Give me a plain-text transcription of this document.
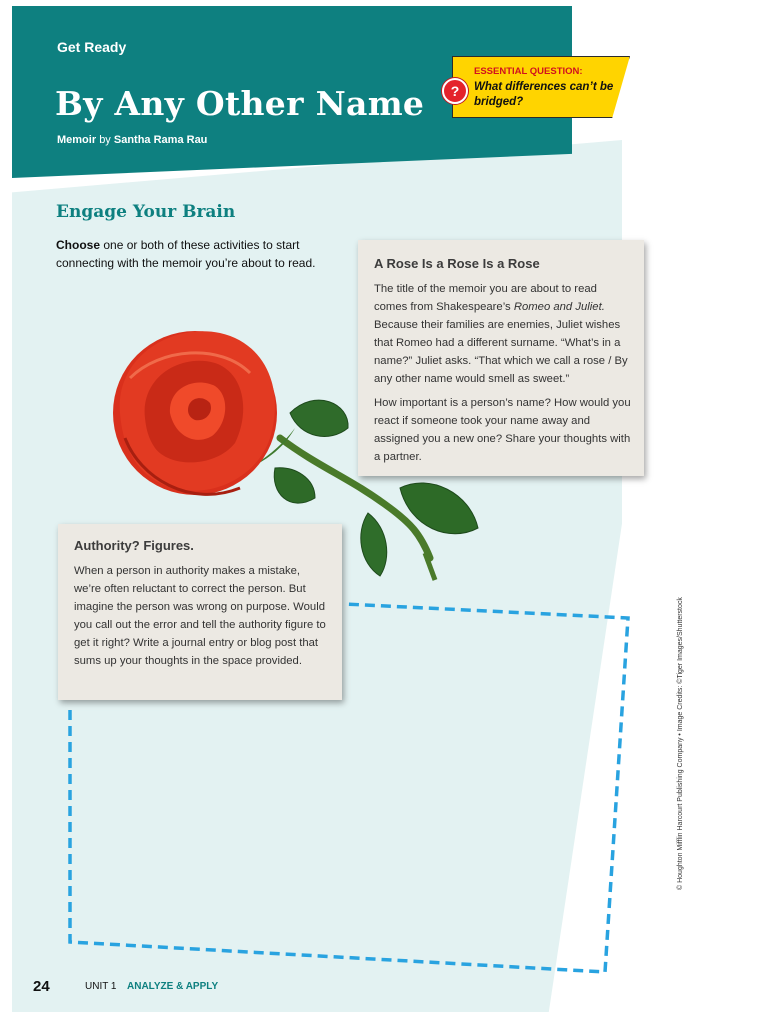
Get Ready
By Any Other Name
Memoir by Santha Rama Rau
?
ESSENTIAL QUESTION:
What differences can’t be bridged?
Engage Your Brain
Choose one or both of these activities to start connecting with the memoir you’re about to read.	A Rose Is a Rose Is a Rose

The title of the memoir you are about to read comes from Shakespeare’s Romeo and Juliet. Because their families are enemies, Juliet wishes that Romeo had a different surname. “What’s in a name?” Juliet asks. “That which we call a rose / By any other name would smell as sweet.”

How important is a person’s name? How would you react if someone took your name away and assigned you a new one? Share your thoughts with a partner.

Authority? Figures.
When a person in authority makes a mistake, we’re often reluctant to correct the person. But imagine the person was wrong on purpose. Would you call out the error and tell the authority figure to get it right? Write a journal entry or blog post that sums up your thoughts in the space provided.	© Houghton Mifflin Harcourt Publishing Company • Image Credits: ©Tiger Images/Shutterstock
24	UNIT 1 ANALYZE & APPLY
